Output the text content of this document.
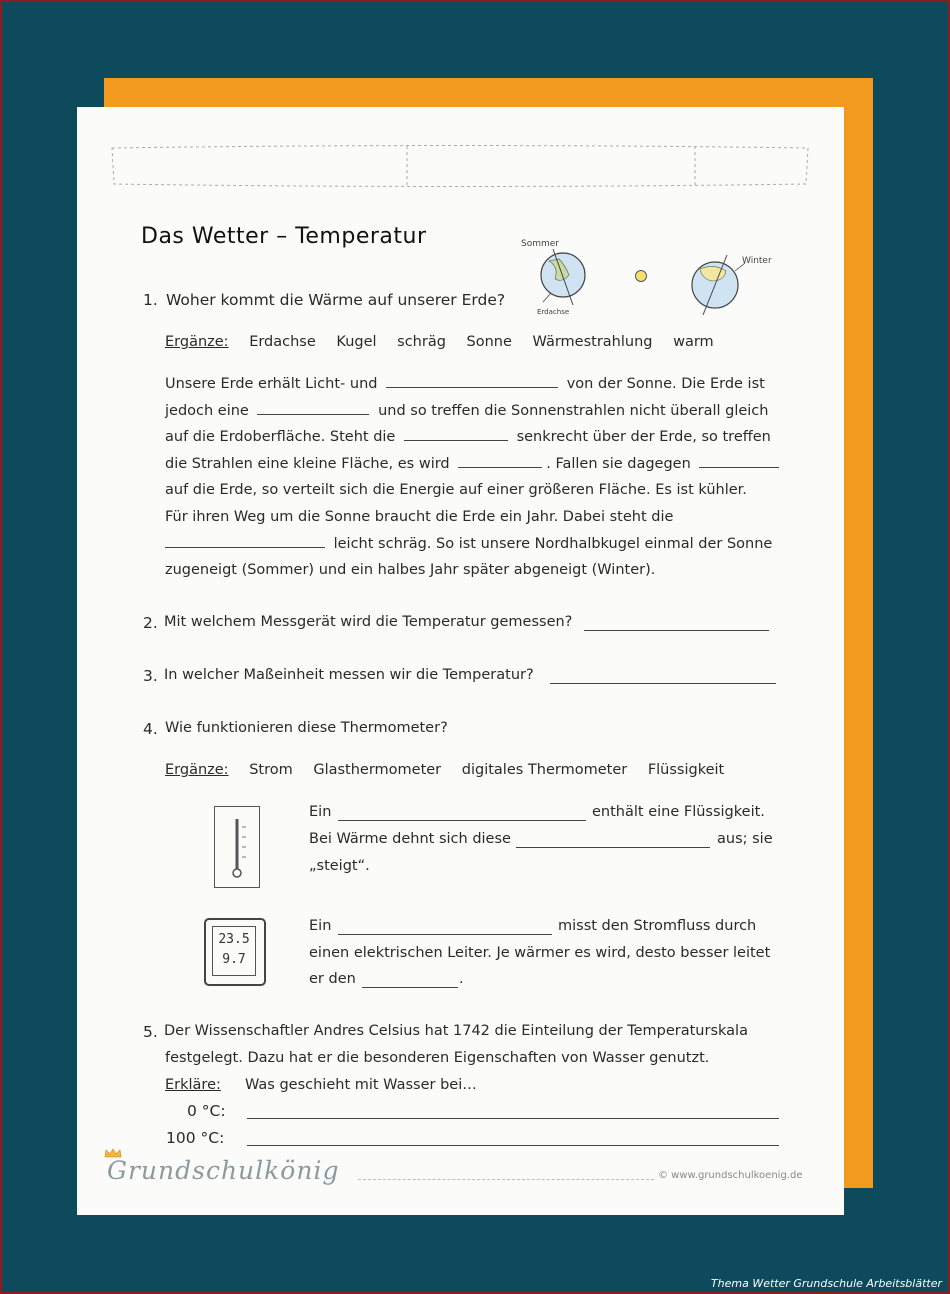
Das Wetter – Temperatur	Sommer
Winter
Erdachse
1. Woher kommt die Wärme auf unserer Erde?
Ergänze: Erdachse Kugel schräg Sonne Wärmestrahlung warm
Unsere Erde erhält Licht- und	von der Sonne. Die Erde ist
jedoch eine	und so treffen die Sonnenstrahlen nicht überall gleich
auf die Erdoberfläche. Steht die	senkrecht über der Erde, so treffen
die Strahlen eine kleine Fläche, es wird	. Fallen sie dagegen
auf die Erde, so verteilt sich die Energie auf einer größeren Fläche. Es ist kühler.
Für ihren Weg um die Sonne braucht die Erde ein Jahr. Dabei steht die
leicht schräg. So ist unsere Nordhalbkugel einmal der Sonne
zugeneigt (Sommer) und ein halbes Jahr später abgeneigt (Winter).
2. Mit welchem Messgerät wird die Temperatur gemessen?
3. In welcher Maßeinheit messen wir die Temperatur?
4. Wie funktionieren diese Thermometer?
Ergänze: Strom Glasthermometer digitales Thermometer Flüssigkeit
Ein	enthält eine Flüssigkeit.
Bei Wärme dehnt sich diese	aus; sie
„steigt“.
23.5
9.7
Ein	misst den Stromfluss durch
einen elektrischen Leiter. Je wärmer es wird, desto besser leitet
er den	.
5. Der Wissenschaftler Andres Celsius hat 1742 die Einteilung der Temperaturskala
festgelegt. Dazu hat er die besonderen Eigenschaften von Wasser genutzt.
Erkläre: Was geschieht mit Wasser bei…
0 °C:
100 °C:
Grundschulkönig	© www.grundschulkoenig.de
Thema Wetter Grundschule Arbeitsblätter
